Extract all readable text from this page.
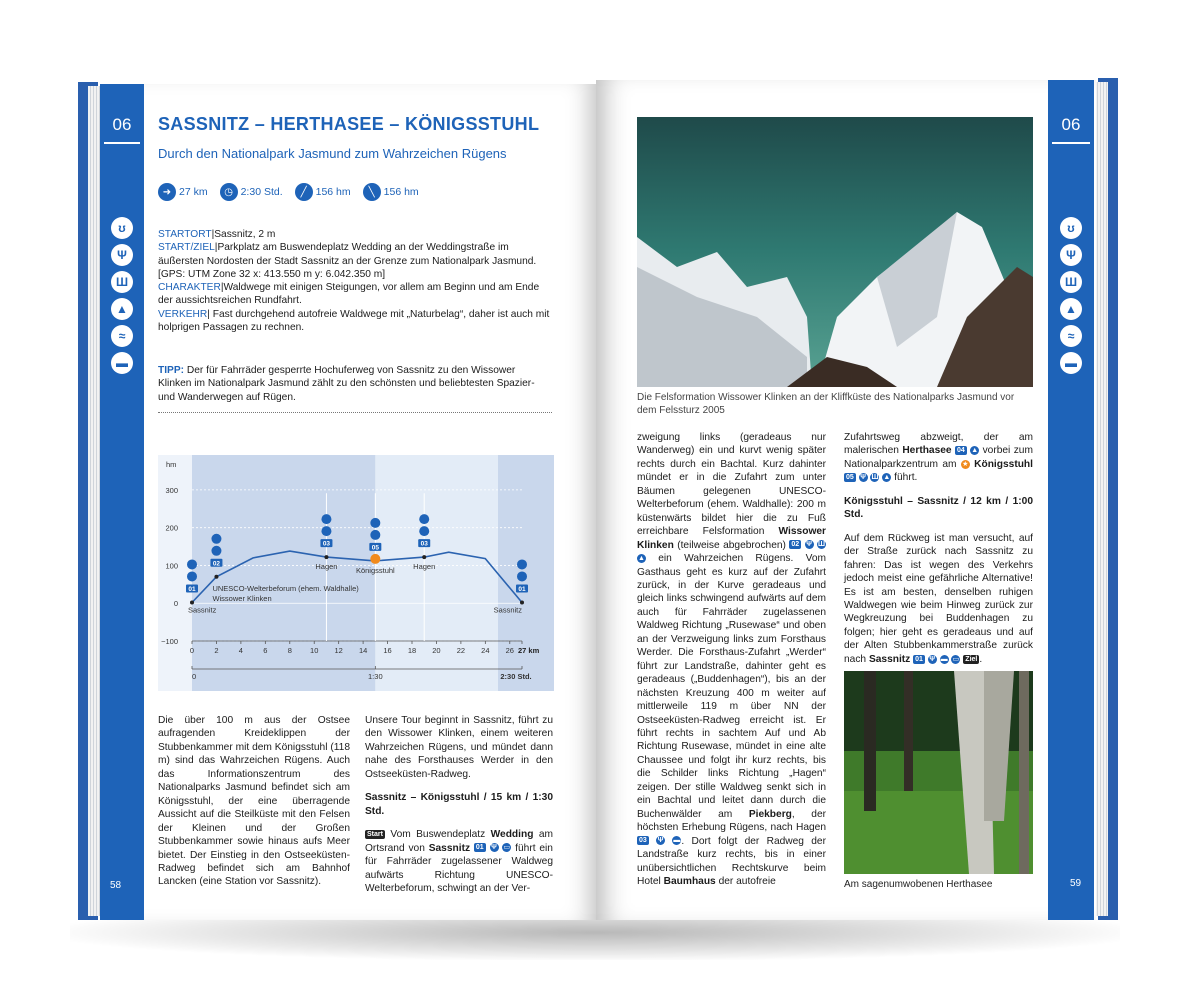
06
ʊ
Ψ
Ш
▲
≈
▬
58
06
ʊ
Ψ
Ш
▲
≈
▬
59
SASSNITZ – HERTHASEE – KÖNIGSSTUHL
Durch den Nationalpark Jasmund zum Wahrzeichen Rügens
➜ 27 km	◷ 2:30 Std.	╱ 156 hm	╲ 156 hm
STARTORT|Sassnitz, 2 m
START/ZIEL|Parkplatz am Buswendeplatz Wedding an der Weddingstraße im äußersten Nordosten der Stadt Sassnitz an der Grenze zum Nationalpark Jasmund.
[GPS: UTM Zone 32 x: 413.550 m y: 6.042.350 m]
CHARAKTER|Waldwege mit einigen Steigungen, vor allem am Beginn und am Ende der aussichtsreichen Rundfahrt.
VERKEHR| Fast durchgehend autofreie Waldwege mit „Naturbelag“, daher ist auch mit holprigen Passagen zu rechnen.
TIPP: Der für Fahrräder gesperrte Hochuferweg von Sassnitz zu den Wissower Klinken im Nationalpark Jasmund zählt zu den schönsten und beliebtesten Spazier- und Wanderwegen auf Rügen.
−100
0
100
200
300
hm
0	2	4	6	8 10 12 14 16 18 20 22 24 26 27 km
0	1:30	2:30 Std.
Sassnitz
UNESCO-Welterbeforum (ehem. Waldhalle)
Wissower Klinken
Hagen Königsstuhl Hagen
Sassnitz
01
02
03
05
03
01
Die über 100 m aus der Ostsee aufragenden Kreideklippen der Stubbenkammer mit dem Königsstuhl (118 m) sind das Wahrzeichen Rügens. Auch das Informationszentrum des Nationalparks Jasmund befindet sich am Königsstuhl, der eine überragende Aussicht auf die Steilküste mit den Felsen der Kleinen und der Großen Stubbenkammer sowie hinaus aufs Meer bietet. Der Einstieg in den Ostseeküsten-Radweg befindet sich am Bahnhof Lancken (eine Station vor Sassnitz).
Unsere Tour beginnt in Sassnitz, führt zu den Wissower Klinken, einem weiteren Wahrzeichen Rügens, und mündet dann nahe des Forsthauses Werder in den Ostseeküsten-Radweg.
Sassnitz – Königsstuhl / 15 km / 1:30 Std.
Start Vom Buswendeplatz Wedding am Ortsrand von Sassnitz 01 Ψ ▭ führt ein für Fahrräder zugelassener Waldweg aufwärts Richtung UNESCO-Welterbeforum, schwingt an der Ver-
Die Felsformation Wissower Klinken an der Kliffküste des Nationalparks Jasmund vor dem Felssturz 2005
Am sagenumwobenen Herthasee
zweigung links (geradeaus nur Wanderweg) ein und kurvt wenig später rechts durch ein Bachtal. Kurz dahinter mündet er in die Zufahrt zum unter Bäumen gelegenen UNESCO-Welterbeforum (ehem. Waldhalle): 200 m küstenwärts bildet hier die zu Fuß erreichbare Felsformation Wissower Klinken (teilweise abgebrochen) 02 Ψ Ш ▲ ein Wahrzeichen Rügens. Vom Gasthaus geht es kurz auf der Zufahrt zurück, in der Kurve geradeaus und gleich links schwingend aufwärts auf dem auch für Fahrräder zugelassenen Waldweg Richtung „Rusewase“ und oben an der Verzweigung links zum Forsthaus Werder. Die Forsthaus-Zufahrt „Werder“ führt zur Landstraße, dahinter geht es geradeaus („Buddenhagen“), bis an der nächsten Kreuzung 400 m weiter auf mittlerweile 119 m über NN der Ostseeküsten-Radweg erreicht ist. Er führt rechts in sachtem Auf und Ab Richtung Rusewase, mündet in eine alte Chaussee und folgt ihr kurz rechts, bis die Schilder links Richtung „Hagen“ zeigen. Der stille Waldweg senkt sich in ein Bachtal und leitet dann durch die Buchenwälder am Piekberg, der höchsten Erhebung Rügens, nach Hagen 03 Ψ ▬. Dort folgt der Radweg der Landstraße kurz rechts, bis in einer unübersichtlichen Rechtskurve beim Hotel Baumhaus der autofreie
Zufahrtsweg abzweigt, der am malerischen Herthasee 04 ▲ vorbei zum Nationalparkzentrum am ★ Königsstuhl 05 Ψ Ш ▲ führt.
Königsstuhl – Sassnitz / 12 km / 1:00 Std.
Auf dem Rückweg ist man versucht, auf der Straße zurück nach Sassnitz zu fahren: Das ist wegen des Verkehrs jedoch meist eine gefährliche Alternative! Es ist am besten, denselben ruhigen Waldwegen wie beim Hinweg zurück zur Wegkreuzung bei Buddenhagen zu folgen; hier geht es geradeaus und auf der Alten Stubbenkammerstraße zurück nach Sassnitz 01 Ψ ▬ ▭ Ziel .
